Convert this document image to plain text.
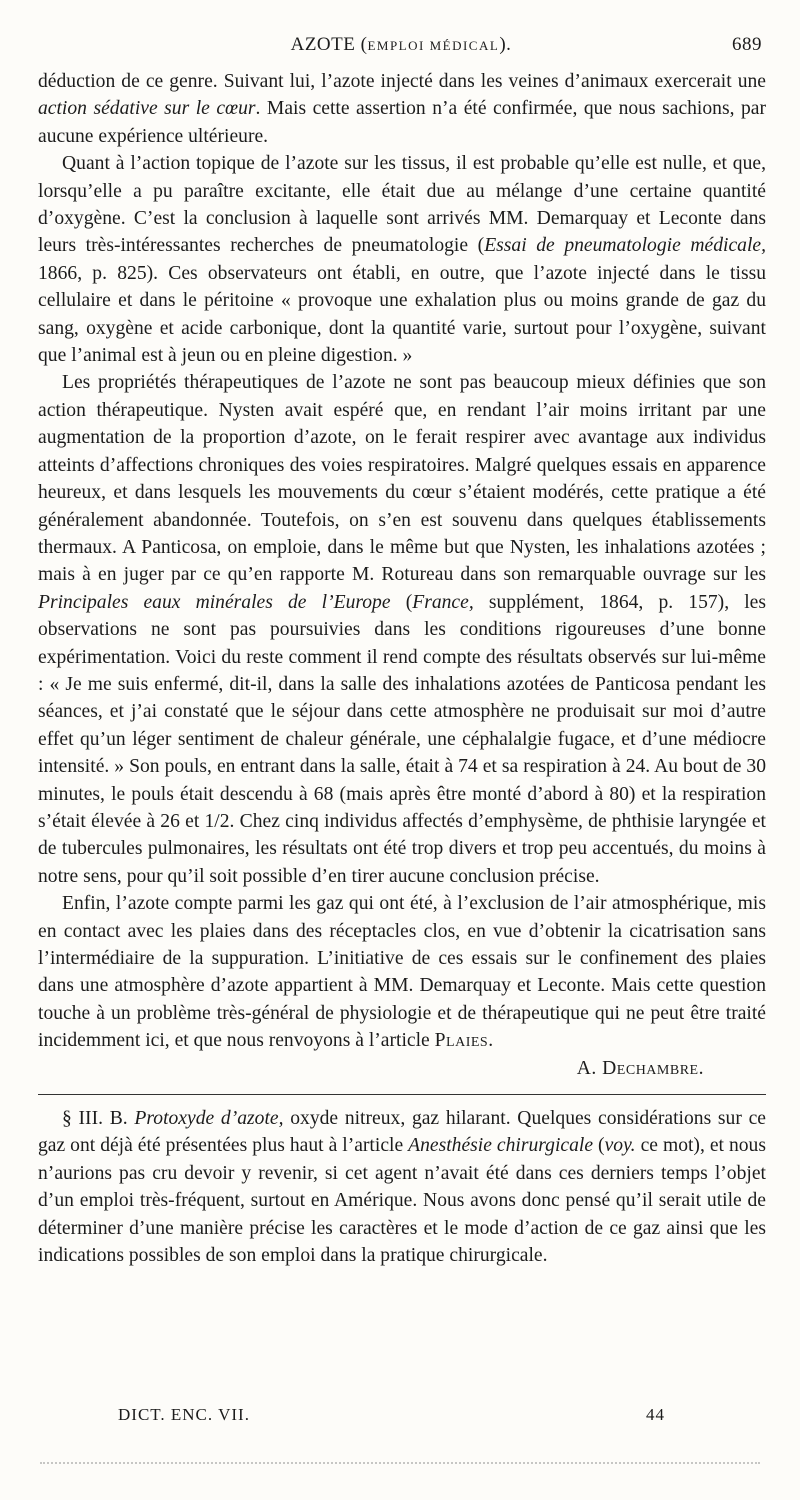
AZOTE (EMPLOI MÉDICAL).	689

déduction de ce genre. Suivant lui, l’azote injecté dans les veines d’animaux exercerait une action sédative sur le cœur. Mais cette assertion n’a été confirmée, que nous sachions, par aucune expérience ultérieure.

Quant à l’action topique de l’azote sur les tissus, il est probable qu’elle est nulle, et que, lorsqu’elle a pu paraître excitante, elle était due au mélange d’une certaine quantité d’oxygène. C’est la conclusion à laquelle sont arrivés MM. Demarquay et Leconte dans leurs très-intéressantes recherches de pneumatologie (Essai de pneumatologie médicale, 1866, p. 825). Ces observateurs ont établi, en outre, que l’azote injecté dans le tissu cellulaire et dans le péritoine « provoque une exhalation plus ou moins grande de gaz du sang, oxygène et acide carbonique, dont la quantité varie, surtout pour l’oxygène, suivant que l’animal est à jeun ou en pleine digestion. »

Les propriétés thérapeutiques de l’azote ne sont pas beaucoup mieux définies que son action thérapeutique. Nysten avait espéré que, en rendant l’air moins irritant par une augmentation de la proportion d’azote, on le ferait respirer avec avantage aux individus atteints d’affections chroniques des voies respiratoires. Malgré quelques essais en apparence heureux, et dans lesquels les mouvements du cœur s’étaient modérés, cette pratique a été généralement abandonnée. Toutefois, on s’en est souvenu dans quelques établissements thermaux. A Panticosa, on emploie, dans le même but que Nysten, les inhalations azotées ; mais à en juger par ce qu’en rapporte M. Rotureau dans son remarquable ouvrage sur les Principales eaux minérales de l’Europe (France, supplément, 1864, p. 157), les observations ne sont pas poursuivies dans les conditions rigoureuses d’une bonne expérimentation. Voici du reste comment il rend compte des résultats observés sur lui-même : « Je me suis enfermé, dit-il, dans la salle des inhalations azotées de Panticosa pendant les séances, et j’ai constaté que le séjour dans cette atmosphère ne produisait sur moi d’autre effet qu’un léger sentiment de chaleur générale, une céphalalgie fugace, et d’une médiocre intensité. » Son pouls, en entrant dans la salle, était à 74 et sa respiration à 24. Au bout de 30 minutes, le pouls était descendu à 68 (mais après être monté d’abord à 80) et la respiration s’était élevée à 26 et 1/2. Chez cinq individus affectés d’emphysème, de phthisie laryngée et de tubercules pulmonaires, les résultats ont été trop divers et trop peu accentués, du moins à notre sens, pour qu’il soit possible d’en tirer aucune conclusion précise.

Enfin, l’azote compte parmi les gaz qui ont été, à l’exclusion de l’air atmosphérique, mis en contact avec les plaies dans des réceptacles clos, en vue d’obtenir la cicatrisation sans l’intermédiaire de la suppuration. L’initiative de ces essais sur le confinement des plaies dans une atmosphère d’azote appartient à MM. Demarquay et Leconte. Mais cette question touche à un problème très-général de physiologie et de thérapeutique qui ne peut être traité incidemment ici, et que nous renvoyons à l’article Plaies.

A. Dechambre.

§ III. B. Protoxyde d’azote, oxyde nitreux, gaz hilarant. Quelques considérations sur ce gaz ont déjà été présentées plus haut à l’article Anesthésie chirurgicale (voy. ce mot), et nous n’aurions pas cru devoir y revenir, si cet agent n’avait été dans ces derniers temps l’objet d’un emploi très-fréquent, surtout en Amérique. Nous avons donc pensé qu’il serait utile de déterminer d’une manière précise les caractères et le mode d’action de ce gaz ainsi que les indications possibles de son emploi dans la pratique chirurgicale.

DICT. ENC. VII.	44
